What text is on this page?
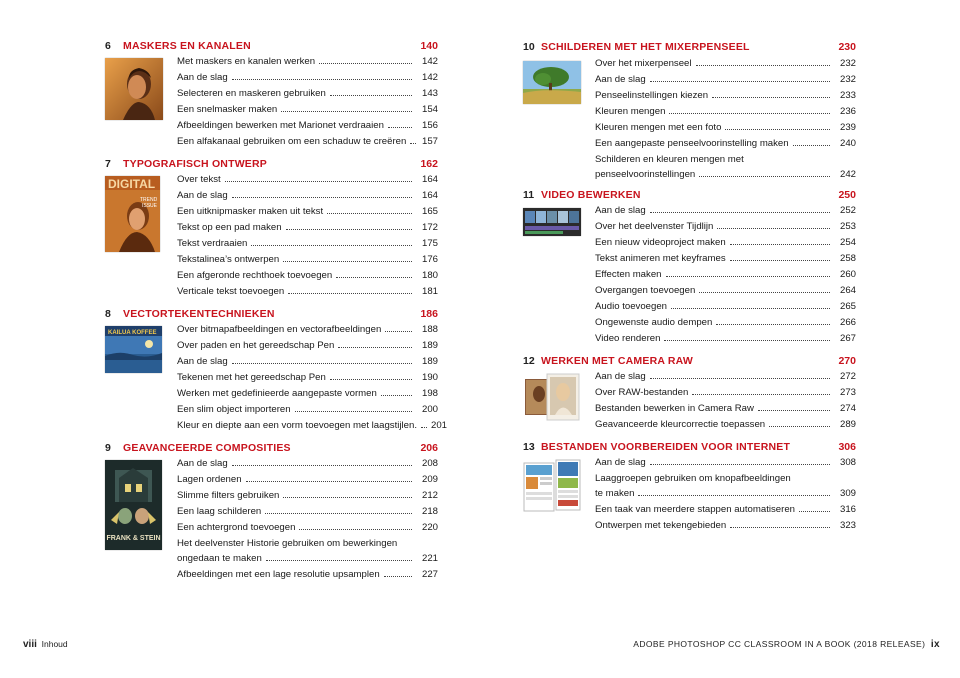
6 MASKERS EN KANALEN	140
Met maskers en kanalen werken	142
Aan de slag	142
Selecteren en maskeren gebruiken	143
Een snelmasker maken	154
Afbeeldingen bewerken met Marionet verdraaien	156
Een alfakanaal gebruiken om een schaduw te creëren 157
7 TYPOGRAFISCH ONTWERP	162
DIGITAL
TREND
ISSUE
Over tekst	164
Aan de slag	164
Een uitknipmasker maken uit tekst	165
Tekst op een pad maken	172
Tekst verdraaien	175
Tekstalinea’s ontwerpen	176
Een afgeronde rechthoek toevoegen	180
Verticale tekst toevoegen	181
8 VECTORTEKENTECHNIEKEN	186
KAILUA KOFFEE Over bitmapafbeeldingen en vectorafbeeldingen	188
Over paden en het gereedschap Pen	189
Aan de slag	189
Tekenen met het gereedschap Pen	190
Werken met gedefinieerde aangepaste vormen	198
Een slim object importeren	200
Kleur en diepte aan een vorm toevoegen met laagstijlen. 201
9 GEAVANCEERDE COMPOSITIES	206
FRANK & STEIN
Aan de slag	208
Lagen ordenen	209
Slimme filters gebruiken	212
Een laag schilderen	218
Een achtergrond toevoegen	220
Het deelvenster Historie gebruiken om bewerkingen
ongedaan te maken	221
Afbeeldingen met een lage resolutie upsamplen	227
10 SCHILDEREN MET HET MIXERPENSEEL	230
Over het mixerpenseel	232
Aan de slag	232
Penseelinstellingen kiezen	233
Kleuren mengen	236
Kleuren mengen met een foto	239
Een aangepaste penseelvoorinstelling maken	240
Schilderen en kleuren mengen met
penseelvoorinstellingen	242
11 VIDEO BEWERKEN	250
Aan de slag	252
Over het deelvenster Tijdlijn	253
Een nieuw videoproject maken	254
Tekst animeren met keyframes	258
Effecten maken	260
Overgangen toevoegen	264
Audio toevoegen	265
Ongewenste audio dempen	266
Video renderen	267
12 WERKEN MET CAMERA RAW	270
Aan de slag	272
Over RAW-bestanden	273
Bestanden bewerken in Camera Raw	274
Geavanceerde kleurcorrectie toepassen	289
13 BESTANDEN VOORBEREIDEN VOOR INTERNET	306
Aan de slag	308
Laaggroepen gebruiken om knopafbeeldingen
te maken	309
Een taak van meerdere stappen automatiseren	316
Ontwerpen met tekengebieden	323
viii Inhoud	ADOBE PHOTOSHOP CC CLASSROOM IN A BOOK (2018 RELEASE) ix
